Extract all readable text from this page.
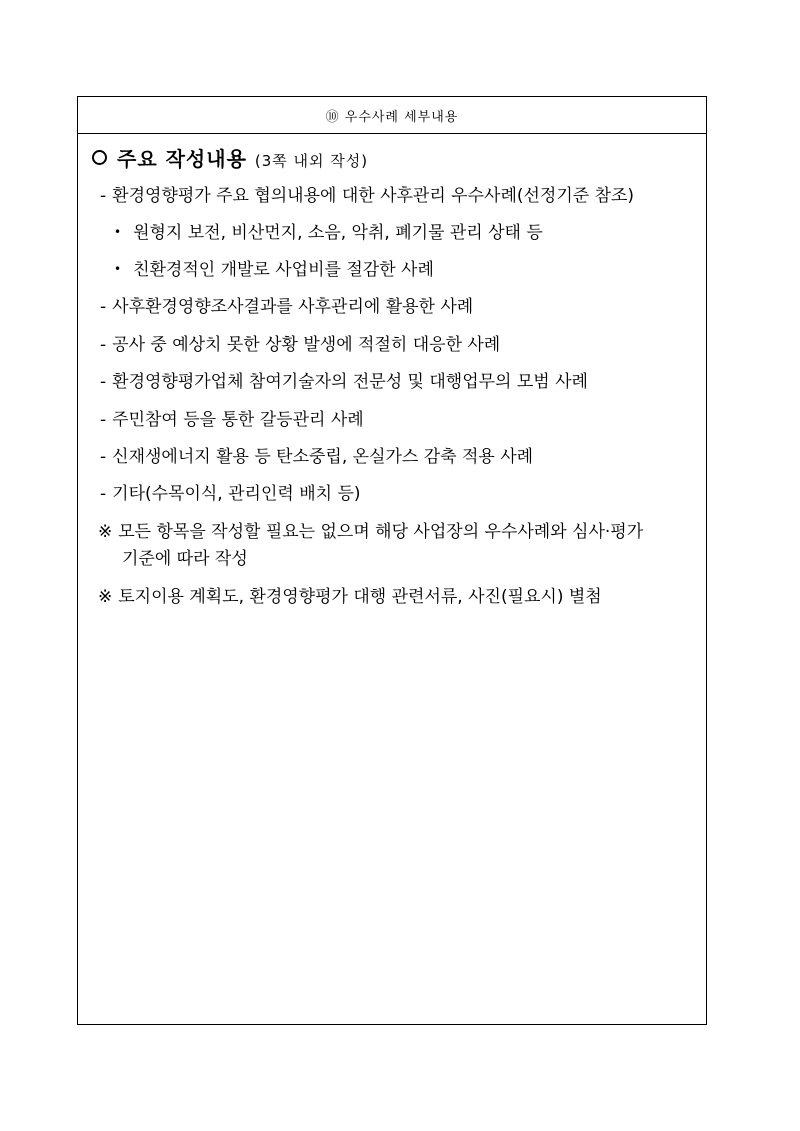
⑩ 우수사례 세부내용
주요 작성내용 (3쪽 내외 작성)
- 환경영향평가 주요 협의내용에 대한 사후관리 우수사례(선정기준 참조)
• 원형지 보전, 비산먼지, 소음, 악취, 폐기물 관리 상태 등
• 친환경적인 개발로 사업비를 절감한 사례
- 사후환경영향조사결과를 사후관리에 활용한 사례
- 공사 중 예상치 못한 상황 발생에 적절히 대응한 사례
- 환경영향평가업체 참여기술자의 전문성 및 대행업무의 모범 사례
- 주민참여 등을 통한 갈등관리 사례
- 신재생에너지 활용 등 탄소중립, 온실가스 감축 적용 사례
- 기타(수목이식, 관리인력 배치 등)
※ 모든 항목을 작성할 필요는 없으며 해당 사업장의 우수사례와 심사·평가
기준에 따라 작성
※ 토지이용 계획도, 환경영향평가 대행 관련서류, 사진(필요시) 별첨
